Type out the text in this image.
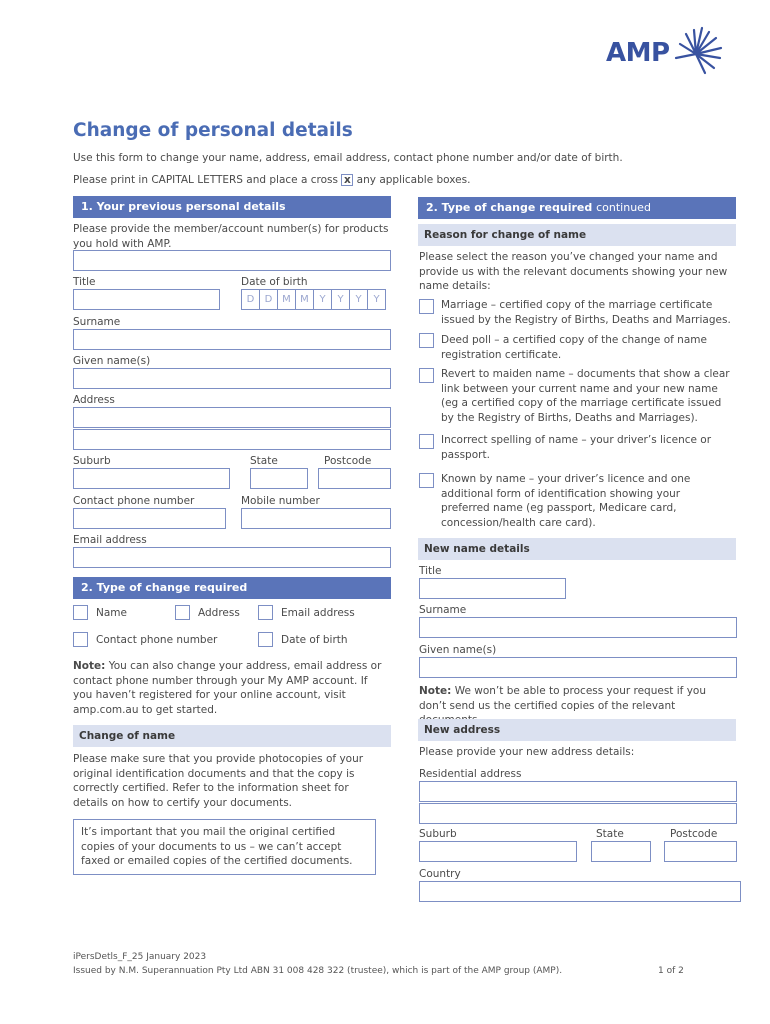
AMP
Change of personal details
Use this form to change your name, address, email address, contact phone number and/or date of birth.
Please print in CAPITAL LETTERS and place a cross x any applicable boxes.
1. Your previous personal details
Please provide the member/account number(s) for products you hold with AMP.
Title	Date of birth
D	D M M	Y	Y	Y	Y
Surname
Given name(s)
Address
Suburb	State	Postcode
Contact phone number	Mobile number
Email address
2. Type of change required
Name	Address	Email address
Contact phone number	Date of birth
Note: You can also change your address, email address or contact phone number through your My AMP account. If you haven’t registered for your online account, visit amp.com.au to get started.
Change of name
Please make sure that you provide photocopies of your original identification documents and that the copy is correctly certified. Refer to the information sheet for details on how to certify your documents.
It’s important that you mail the original certified copies of your documents to us – we can’t accept faxed or emailed copies of the certified documents.
2. Type of change required continued
Reason for change of name
Please select the reason you’ve changed your name and provide us with the relevant documents showing your new name details:
Marriage – certified copy of the marriage certificate issued by the Registry of Births, Deaths and Marriages.
Deed poll – a certified copy of the change of name registration certificate.
Revert to maiden name – documents that show a clear link between your current name and your new name (eg a certified copy of the marriage certificate issued by the Registry of Births, Deaths and Marriages).
Incorrect spelling of name – your driver’s licence or passport.
Known by name – your driver’s licence and one additional form of identification showing your preferred name (eg passport, Medicare card, concession/health care card).
New name details
Title
Surname
Given name(s)
Note: We won’t be able to process your request if you don’t send us the certified copies of the relevant
New address
Please provide your new address details:
Residential address
Suburb	State	Postcode
Country
iPersDetls_F_25 January 2023
Issued by N.M. Superannuation Pty Ltd ABN 31 008 428 322 (trustee), which is part of the AMP group (AMP).	1 of 2
